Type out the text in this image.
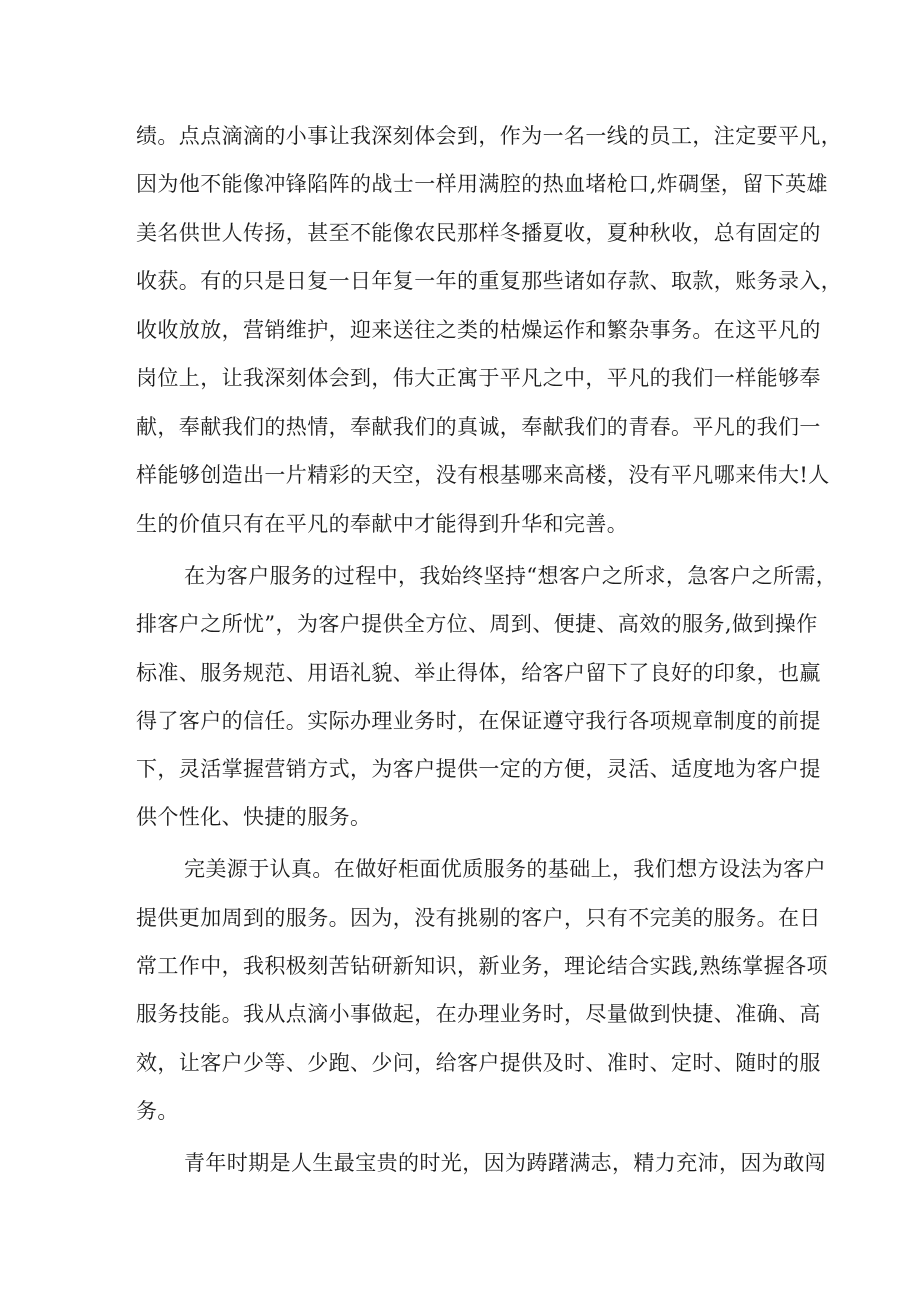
绩。点点滴滴的小事让我深刻体会到，作为一名一线的员工，注定要平凡，
因为他不能像冲锋陷阵的战士一样用满腔的热血堵枪口,炸碉堡，留下英雄
美名供世人传扬，甚至不能像农民那样冬播夏收，夏种秋收，总有固定的
收获。有的只是日复一日年复一年的重复那些诸如存款、取款，账务录入，
收收放放，营销维护，迎来送往之类的枯燥运作和繁杂事务。在这平凡的
岗位上，让我深刻体会到，伟大正寓于平凡之中，平凡的我们一样能够奉
献，奉献我们的热情，奉献我们的真诚，奉献我们的青春。平凡的我们一
样能够创造出一片精彩的天空，没有根基哪来高楼，没有平凡哪来伟大!人
生的价值只有在平凡的奉献中才能得到升华和完善。
在为客户服务的过程中，我始终坚持“想客户之所求，急客户之所需，
排客户之所忧”，为客户提供全方位、周到、便捷、高效的服务,做到操作
标准、服务规范、用语礼貌、举止得体，给客户留下了良好的印象，也赢
得了客户的信任。实际办理业务时，在保证遵守我行各项规章制度的前提
下，灵活掌握营销方式，为客户提供一定的方便，灵活、适度地为客户提
供个性化、快捷的服务。
完美源于认真。在做好柜面优质服务的基础上，我们想方设法为客户
提供更加周到的服务。因为，没有挑剔的客户，只有不完美的服务。在日
常工作中，我积极刻苦钻研新知识，新业务，理论结合实践,熟练掌握各项
服务技能。我从点滴小事做起，在办理业务时，尽量做到快捷、准确、高
效，让客户少等、少跑、少问，给客户提供及时、准时、定时、随时的服
务。
青年时期是人生最宝贵的时光，因为踌躇满志，精力充沛，因为敢闯
